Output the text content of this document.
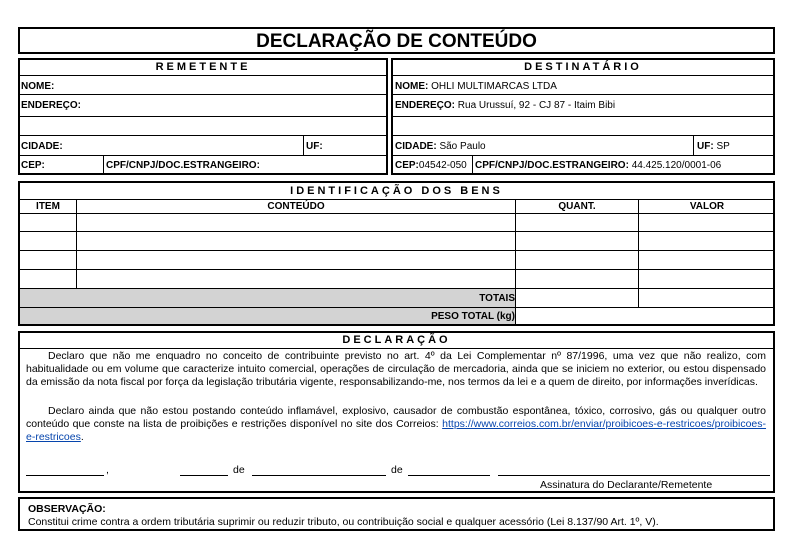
DECLARAÇÃO DE CONTEÚDO
REMETENTE
NOME:
ENDEREÇO:
CIDADE:	UF:
CEP:	CPF/CNPJ/DOC.ESTRANGEIRO:
DESTINATÁRIO
NOME: OHLI MULTIMARCAS LTDA
ENDEREÇO: Rua Urussuí, 92 - CJ 87 - Itaim Bibi
CIDADE: São Paulo	UF: SP
CEP:04542-050 CPF/CNPJ/DOC.ESTRANGEIRO: 44.425.120/0001-06
IDENTIFICAÇÃO DOS BENS
ITEM	CONTEÚDO	QUANT.	VALOR
TOTAIS
PESO TOTAL (kg)
DECLARAÇÃO
Declaro que não me enquadro no conceito de contribuinte previsto no art. 4º da Lei Complementar nº 87/1996, uma vez que não realizo, com habitualidade ou em volume que caracterize intuito comercial, operações de circulação de mercadoria, ainda que se iniciem no exterior, ou estou dispensado da emissão da nota fiscal por força da legislação tributária vigente, responsabilizando-me, nos termos da lei e a quem de direito, por informações inverídicas.
Declaro ainda que não estou postando conteúdo inflamável, explosivo, causador de combustão espontânea, tóxico, corrosivo, gás ou qualquer outro conteúdo que conste na lista de proibições e restrições disponível no site dos Correios: https://www.correios.com.br/enviar/proibicoes-e-restricoes/proibicoes-e-restricoes.
,	de	de
Assinatura do Declarante/Remetente
OBSERVAÇÃO:
Constitui crime contra a ordem tributária suprimir ou reduzir tributo, ou contribuição social e qualquer acessório (Lei 8.137/90 Art. 1º, V).
